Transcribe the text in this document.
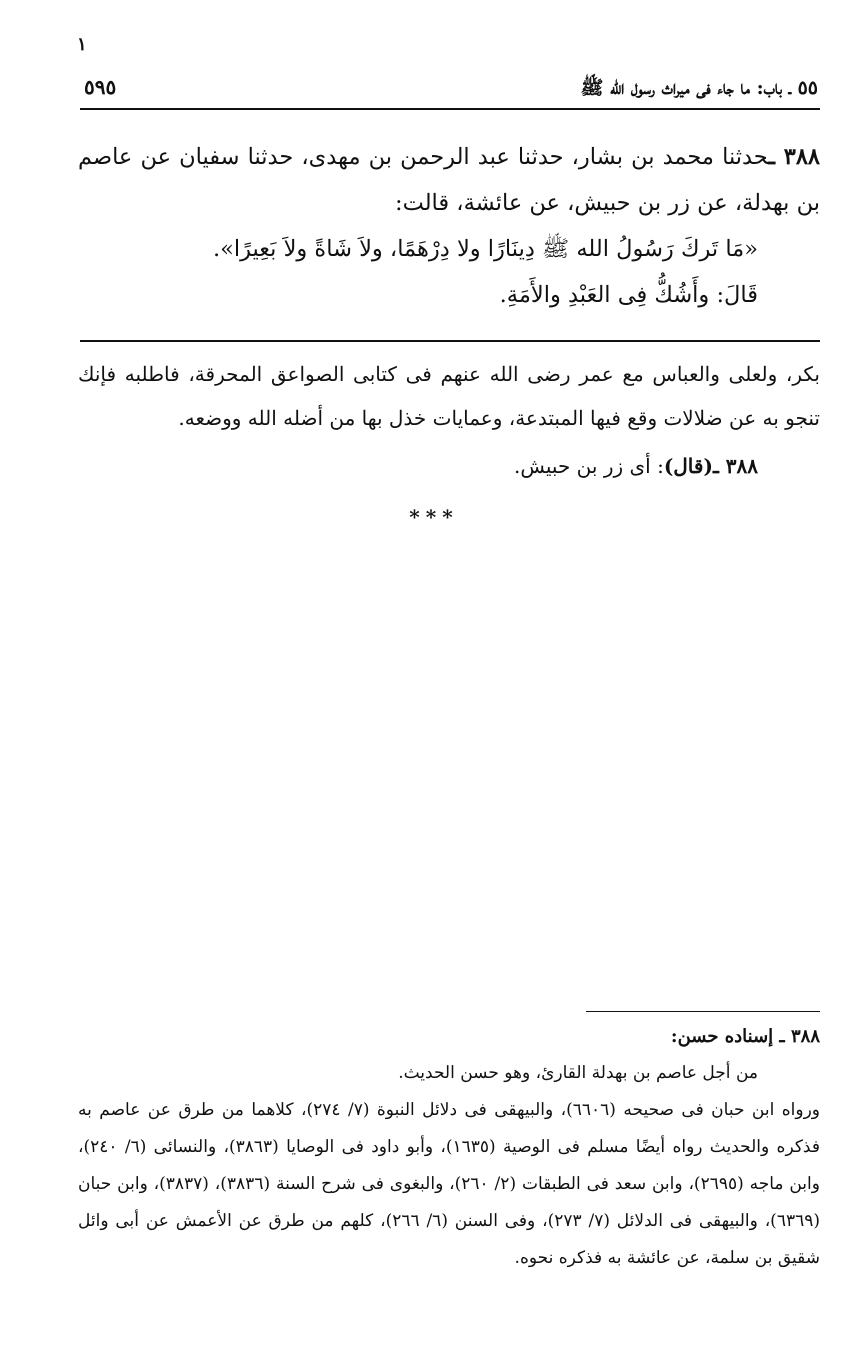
١
٥٥ ـ باب: ما جاء فى ميراث رسول الله ﷺ
٥٩٥

٣٨٨ ـحدثنا محمد بن بشار، حدثنا عبد الرحمن بن مهدى، حدثنا سفيان عن عاصم بن بهدلة، عن زر بن حبيش، عن عائشة، قالت:

«مَا تَركَ رَسُولُ الله ﷺ دِينَارًا ولا دِرْهَمًا، ولاَ شَاةً ولاَ بَعِيرًا».

قَالَ: وأَشُكُّ فِى العَبْدِ والأَمَةِ.

بكر، ولعلى والعباس مع عمر رضى الله عنهم فى كتابى الصواعق المحرقة، فاطلبه فإنك تنجو به عن ضلالات وقع فيها المبتدعة، وعمايات خذل بها من أضله الله ووضعه.

٣٨٨ ـ(قال): أى زر بن حبيش.

***

٣٨٨ ـ إسناده حسن:

من أجل عاصم بن بهدلة القارئ، وهو حسن الحديث.

ورواه ابن حبان فى صحيحه (٦٦٠٦)، والبيهقى فى دلائل النبوة (٧/ ٢٧٤)، كلاهما من طرق عن عاصم به فذكره والحديث رواه أيضًا مسلم فى الوصية (١٦٣٥)، وأبو داود فى الوصايا (٣٨٦٣)، والنسائى (٦/ ٢٤٠)، وابن ماجه (٢٦٩٥)، وابن سعد فى الطبقات (٢/ ٢٦٠)، والبغوى فى شرح السنة (٣٨٣٦)، (٣٨٣٧)، وابن حبان (٦٣٦٩)، والبيهقى فى الدلائل (٧/ ٢٧٣)، وفى السنن (٦/ ٢٦٦)، كلهم من طرق عن الأعمش عن أبى وائل شقيق بن سلمة، عن عائشة به فذكره نحوه.
